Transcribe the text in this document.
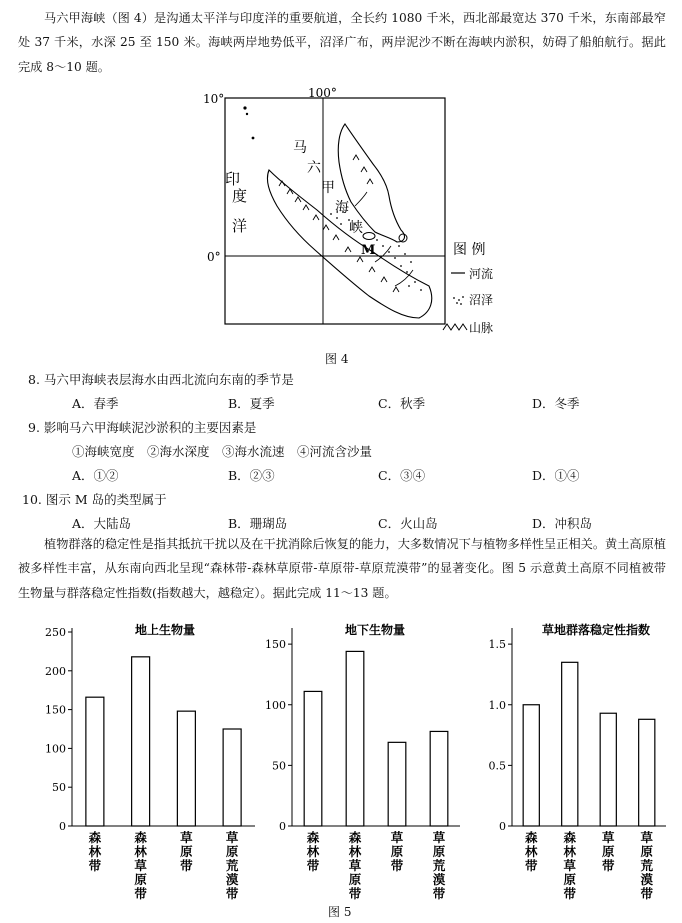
马六甲海峡（图 4）是沟通太平洋与印度洋的重要航道，全长约 1080 千米，西北部最宽达 370 千米，东南部最窄处 37 千米，水深 25 至 150 米。海峡两岸地势低平，沼泽广布，两岸泥沙不断在海峡内淤积，妨碍了船舶航行。据此完成 8～10 题。
10°	100°
0°
印
度
洋
马
六
甲
海
峡
M	图 例
河流
沼泽
山脉
图 4
8. 马六甲海峡表层海水由西北流向东南的季节是
A．春季	B．夏季	C．秋季	D．冬季
9. 影响马六甲海峡泥沙淤积的主要因素是
①海峡宽度　②海水深度　③海水流速　④河流含沙量
A．①②	B．②③	C．③④	D．①④
10. 图示 M 岛的类型属于
A．大陆岛	B．珊瑚岛	C．火山岛	D．冲积岛
植物群落的稳定性是指其抵抗干扰以及在干扰消除后恢复的能力，大多数情况下与植物多样性呈正相关。黄土高原植被多样性丰富，从东南向西北呈现“森林带-森林草原带-草原带-草原荒漠带”的显著变化。图 5 示意黄土高原不同植被带生物量与群落稳定性指数(指数越大，越稳定）。据此完成 11～13 题。
地上生物量
0
50
100
150
200
250
森
林
带
森
林
草
原
带
草
原
带
草
原
荒
漠
带
地下生物量
0
50
100
150
森
林
带
森
林
草
原
带
草
原
带
草
原
荒
漠
带
草地群落稳定性指数
0
0.5
1.0
1.5
森
林
带
森
林
草
原
带
草
原
带
草
原
荒
漠
带
图 5
